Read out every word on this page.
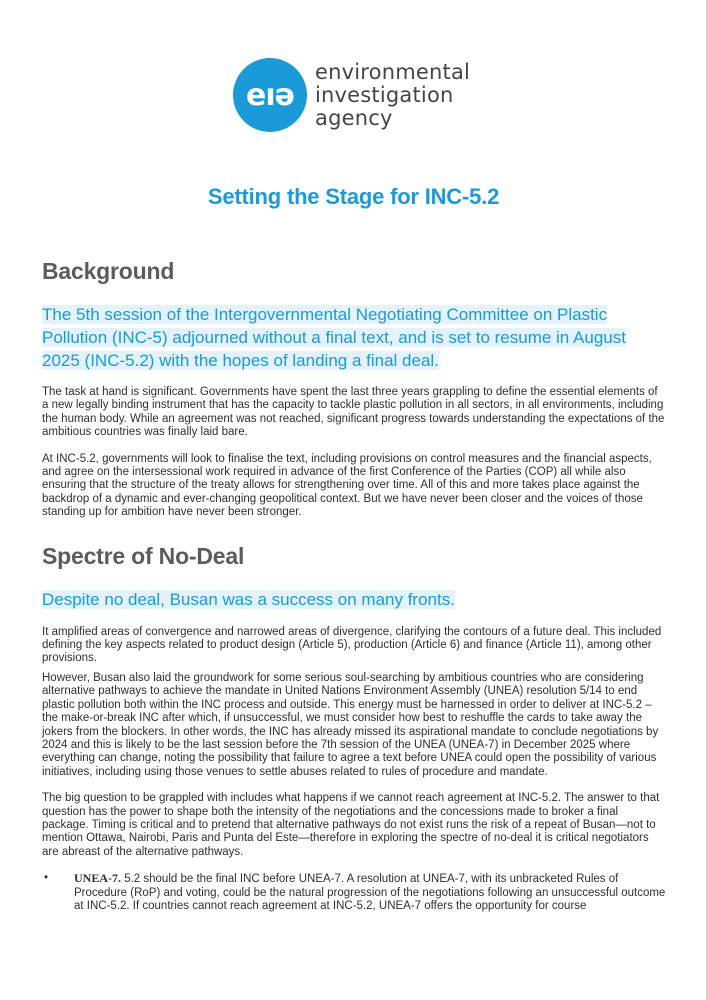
eıə
environmental
investigation
agency
Setting the Stage for INC-5.2
Background

The 5th session of the Intergovernmental Negotiating Committee on Plastic Pollution (INC-5) adjourned without a final text, and is set to resume in August 2025 (INC-5.2) with the hopes of landing a final deal.

The task at hand is significant. Governments have spent the last three years grappling to define the essential elements of a new legally binding instrument that has the capacity to tackle plastic pollution in all sectors, in all environments, including the human body. While an agreement was not reached, significant progress towards understanding the expectations of the ambitious countries was finally laid bare.

At INC-5.2, governments will look to finalise the text, including provisions on control measures and the financial aspects, and agree on the intersessional work required in advance of the first Conference of the Parties (COP) all while also ensuring that the structure of the treaty allows for strengthening over time. All of this and more takes place against the backdrop of a dynamic and ever-changing geopolitical context. But we have never been closer and the voices of those standing up for ambition have never been stronger.

Spectre of No-Deal

Despite no deal, Busan was a success on many fronts.

It amplified areas of convergence and narrowed areas of divergence, clarifying the contours of a future deal. This included defining the key aspects related to product design (Article 5), production (Article 6) and finance (Article 11), among other provisions.

However, Busan also laid the groundwork for some serious soul-searching by ambitious countries who are considering alternative pathways to achieve the mandate in United Nations Environment Assembly (UNEA) resolution 5/14 to end plastic pollution both within the INC process and outside. This energy must be harnessed in order to deliver at INC-5.2 – the make-or-break INC after which, if unsuccessful, we must consider how best to reshuffle the cards to take away the jokers from the blockers. In other words, the INC has already missed its aspirational mandate to conclude negotiations by 2024 and this is likely to be the last session before the 7th session of the UNEA (UNEA-7) in December 2025 where everything can change, noting the possibility that failure to agree a text before UNEA could open the possibility of various initiatives, including using those venues to settle abuses related to rules of procedure and mandate.

The big question to be grappled with includes what happens if we cannot reach agreement at INC-5.2. The answer to that question has the power to shape both the intensity of the negotiations and the concessions made to broker a final package. Timing is critical and to pretend that alternative pathways do not exist runs the risk of a repeat of Busan—not to mention Ottawa, Nairobi, Paris and Punta del Este—therefore in exploring the spectre of no-deal it is critical negotiators are abreast of the alternative pathways.

•	UNEA-7. 5.2 should be the final INC before UNEA-7. A resolution at UNEA-7, with its unbracketed Rules of Procedure (RoP) and voting, could be the natural progression of the negotiations following an unsuccessful outcome at INC-5.2. If countries cannot reach agreement at INC-5.2, UNEA-7 offers the opportunity for course
